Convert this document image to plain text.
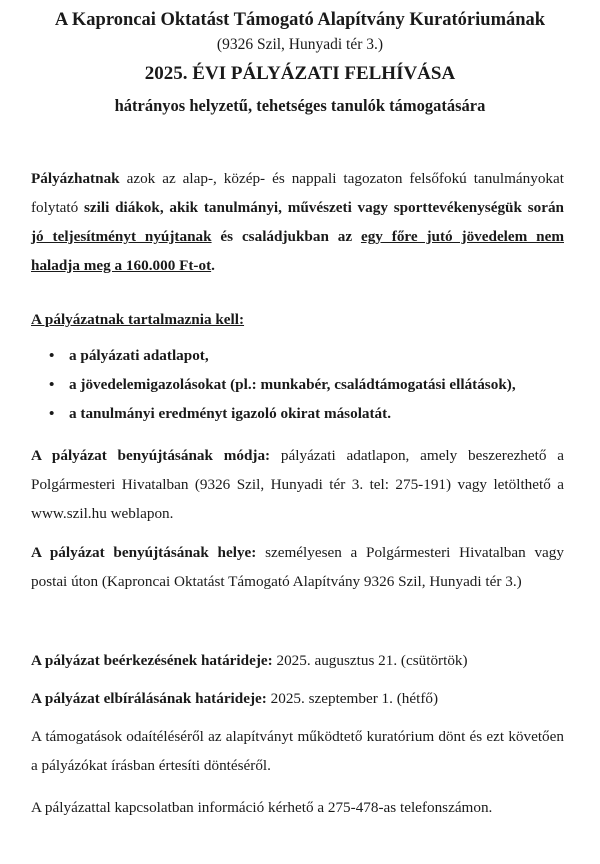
A Kaproncai Oktatást Támogató Alapítvány Kuratóriumának
(9326 Szil, Hunyadi tér 3.)
2025. ÉVI PÁLYÁZATI FELHÍVÁSA
hátrányos helyzetű, tehetséges tanulók támogatására
Pályázhatnak azok az alap-, közép- és nappali tagozaton felsőfokú tanulmányokat folytató szili diákok, akik tanulmányi, művészeti vagy sporttevékenységük során jó teljesítményt nyújtanak és családjukban az egy főre jutó jövedelem nem haladja meg a 160.000 Ft-ot.
A pályázatnak tartalmaznia kell:
• a pályázati adatlapot,
• a jövedelemigazolásokat (pl.: munkabér, családtámogatási ellátások),
• a tanulmányi eredményt igazoló okirat másolatát.
A pályázat benyújtásának módja: pályázati adatlapon, amely beszerezhető a Polgármesteri Hivatalban (9326 Szil, Hunyadi tér 3. tel: 275-191) vagy letölthető a www.szil.hu weblapon.
A pályázat benyújtásának helye: személyesen a Polgármesteri Hivatalban vagy postai úton (Kaproncai Oktatást Támogató Alapítvány 9326 Szil, Hunyadi tér 3.)
A pályázat beérkezésének határideje: 2025. augusztus 21. (csütörtök)
A pályázat elbírálásának határideje: 2025. szeptember 1. (hétfő)
A támogatások odaítéléséről az alapítványt működtető kuratórium dönt és ezt követően a pályázókat írásban értesíti döntéséről.
A pályázattal kapcsolatban információ kérhető a 275-478-as telefonszámon.
